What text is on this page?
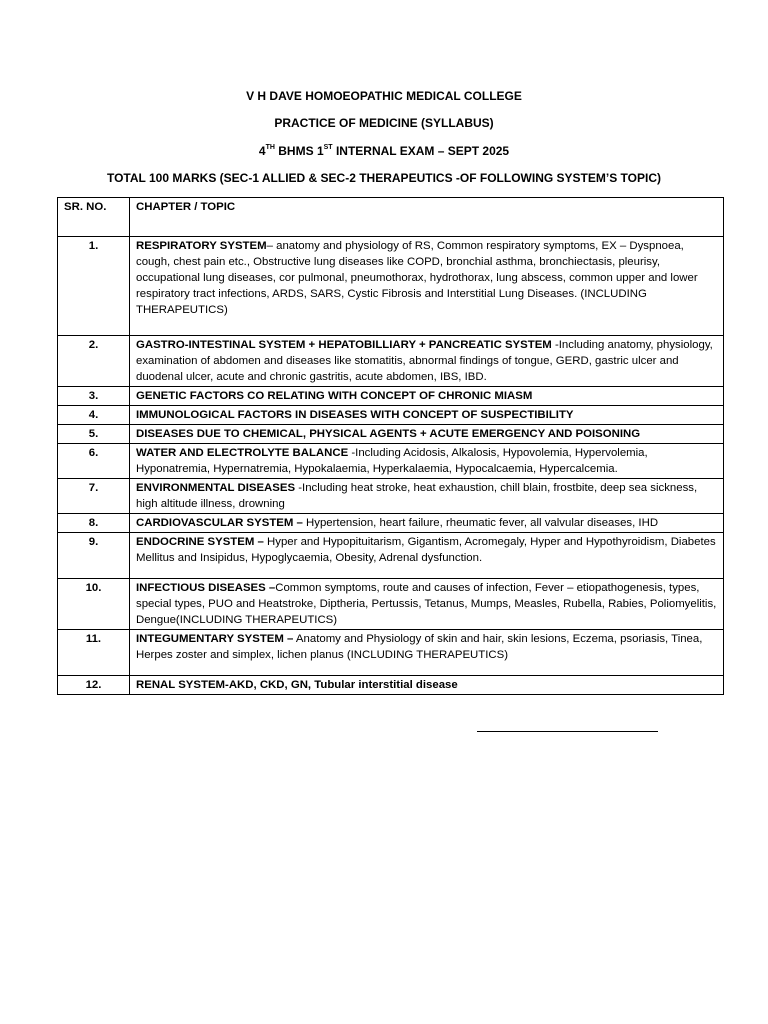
V H DAVE HOMOEOPATHIC MEDICAL COLLEGE
PRACTICE OF MEDICINE (SYLLABUS)
4TH BHMS 1ST INTERNAL EXAM – SEPT 2025
TOTAL 100 MARKS (SEC-1 ALLIED & SEC-2 THERAPEUTICS -OF FOLLOWING SYSTEM’S TOPIC)
SR. NO.	CHAPTER / TOPIC
1.	RESPIRATORY SYSTEM– anatomy and physiology of RS, Common respiratory symptoms, EX – Dyspnoea, cough, chest pain etc., Obstructive lung diseases like COPD, bronchial asthma, bronchiectasis, pleurisy, occupational lung diseases, cor pulmonal, pneumothorax, hydrothorax, lung abscess, common upper and lower respiratory tract infections, ARDS, SARS, Cystic Fibrosis and Interstitial Lung Diseases. (INCLUDING THERAPEUTICS)
2.	GASTRO-INTESTINAL SYSTEM + HEPATOBILLIARY + PANCREATIC SYSTEM -Including anatomy, physiology, examination of abdomen and diseases like stomatitis, abnormal findings of tongue, GERD, gastric ulcer and duodenal ulcer, acute and chronic gastritis, acute abdomen, IBS, IBD.
3.	GENETIC FACTORS CO RELATING WITH CONCEPT OF CHRONIC MIASM
4.	IMMUNOLOGICAL FACTORS IN DISEASES WITH CONCEPT OF SUSPECTIBILITY
5.	DISEASES DUE TO CHEMICAL, PHYSICAL AGENTS + ACUTE EMERGENCY AND POISONING
6.	WATER AND ELECTROLYTE BALANCE -Including Acidosis, Alkalosis, Hypovolemia, Hypervolemia, Hyponatremia, Hypernatremia, Hypokalaemia, Hyperkalaemia, Hypocalcaemia, Hypercalcemia.
7.	ENVIRONMENTAL DISEASES -Including heat stroke, heat exhaustion, chill blain, frostbite, deep sea sickness, high altitude illness, drowning
8.	CARDIOVASCULAR SYSTEM – Hypertension, heart failure, rheumatic fever, all valvular diseases, IHD
9.	ENDOCRINE SYSTEM – Hyper and Hypopituitarism, Gigantism, Acromegaly, Hyper and Hypothyroidism, Diabetes Mellitus and Insipidus, Hypoglycaemia, Obesity, Adrenal dysfunction.
10.	INFECTIOUS DISEASES –Common symptoms, route and causes of infection, Fever – etiopathogenesis, types, special types, PUO and Heatstroke, Diptheria, Pertussis, Tetanus, Mumps, Measles, Rubella, Rabies, Poliomyelitis, Dengue(INCLUDING THERAPEUTICS)
11.	INTEGUMENTARY SYSTEM – Anatomy and Physiology of skin and hair, skin lesions, Eczema, psoriasis, Tinea, Herpes zoster and simplex, lichen planus (INCLUDING THERAPEUTICS)
12.	RENAL SYSTEM-AKD, CKD, GN, Tubular interstitial disease
